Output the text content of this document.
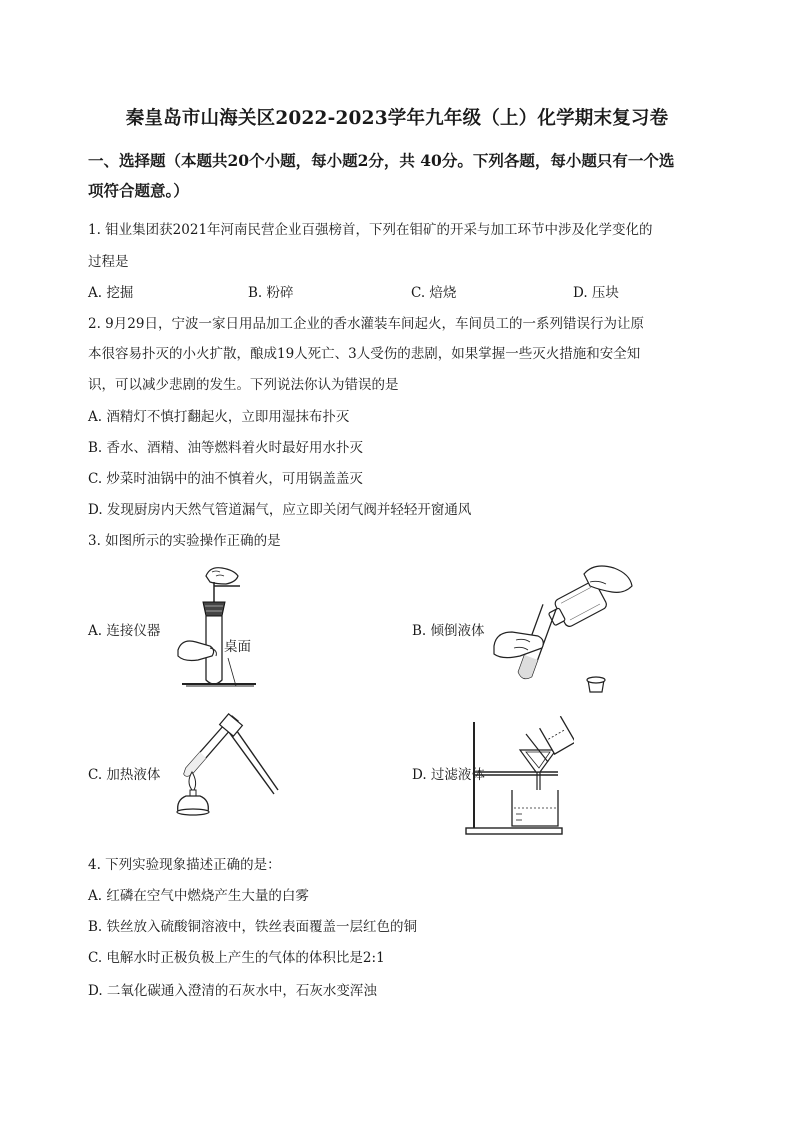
秦皇岛市山海关区2022-2023学年九年级（上）化学期末复习卷
一、选择题（本题共20个小题，每小题2分，共 40分。下列各题，每小题只有一个选
项符合题意。）
1. 钼业集团获2021年河南民营企业百强榜首，下列在钼矿的开采与加工环节中涉及化学变化的
过程是
A. 挖掘	B. 粉碎	C. 焙烧	D. 压块
2. 9月29日，宁波一家日用品加工企业的香水灌装车间起火，车间员工的一系列错误行为让原
本很容易扑灭的小火扩散，酿成19人死亡、3人受伤的悲剧，如果掌握一些灭火措施和安全知
识，可以减少悲剧的发生。下列说法你认为错误的是
A. 酒精灯不慎打翻起火，立即用湿抹布扑灭
B. 香水、酒精、油等燃料着火时最好用水扑灭
C. 炒菜时油锅中的油不慎着火，可用锅盖盖灭
D. 发现厨房内天然气管道漏气，应立即关闭气阀并轻轻开窗通风
3. 如图所示的实验操作正确的是
A. 连接仪器
桌面
B. 倾倒液体
C. 加热液体	D. 过滤液体
4. 下列实验现象描述正确的是：
A. 红磷在空气中燃烧产生大量的白雾
B. 铁丝放入硫酸铜溶液中，铁丝表面覆盖一层红色的铜
C. 电解水时正极负极上产生的气体的体积比是2:1
D. 二氧化碳通入澄清的石灰水中，石灰水变浑浊
